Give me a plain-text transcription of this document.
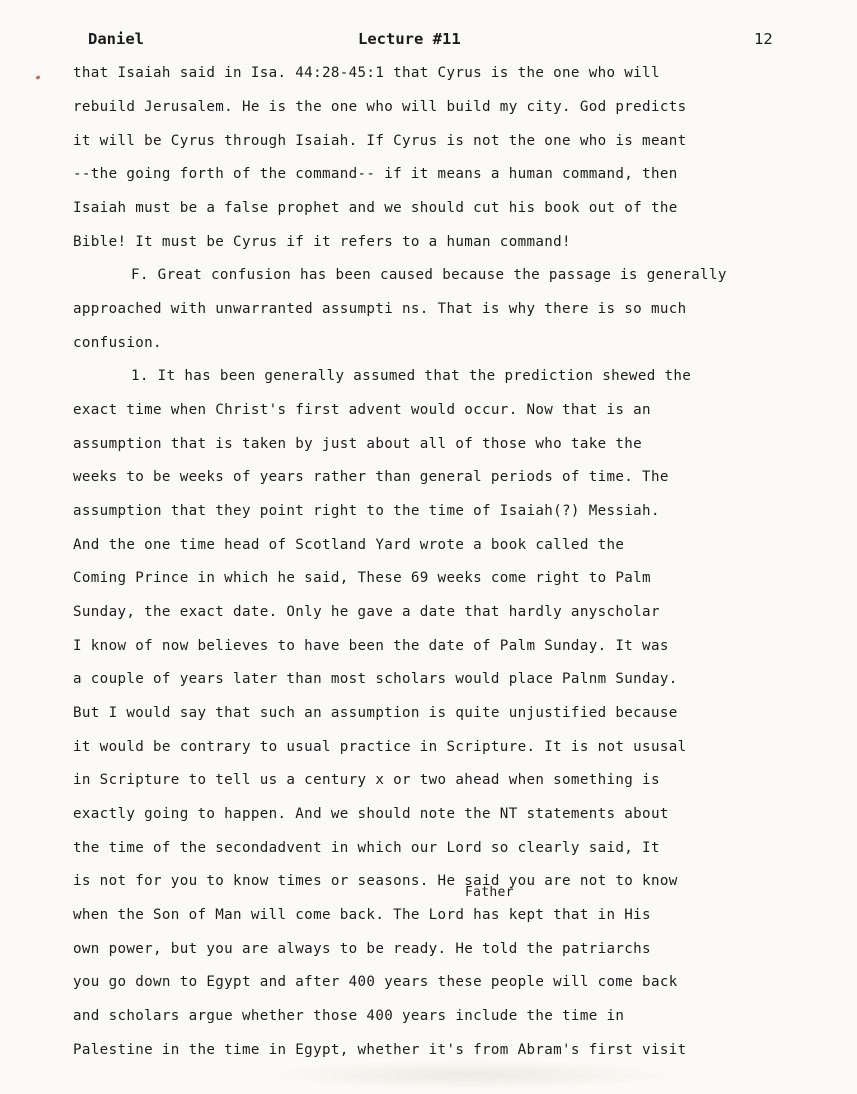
Daniel	Lecture #11	12
that Isaiah said in Isa. 44:28-45:1 that Cyrus is the one who will
rebuild Jerusalem. He is the one who will build my city. God predicts
it will be Cyrus through Isaiah. If Cyrus is not the one who is meant
--the going forth of the command-- if it means a human command, then
Isaiah must be a false prophet and we should cut his book out of the
Bible! It must be Cyrus if it refers to a human command!
F. Great confusion has been caused because the passage is generally
approached with unwarranted assumpti ns. That is why there is so much
confusion.
1. It has been generally assumed that the prediction shewed the
exact time when Christ's first advent would occur. Now that is an
assumption that is taken by just about all of those who take the
weeks to be weeks of years rather than general periods of time. The
assumption that they point right to the time of Isaiah(?) Messiah.
And the one time head of Scotland Yard wrote a book called the
Coming Prince in which he said, These 69 weeks come right to Palm
Sunday, the exact date. Only he gave a date that hardly anyscholar
I know of now believes to have been the date of Palm Sunday. It was
a couple of years later than most scholars would place Palnm Sunday.
But I would say that such an assumption is quite unjustified because
it would be contrary to usual practice in Scripture. It is not ususal
in Scripture to tell us a century x or two ahead when something is
exactly going to happen. And we should note the NT statements about
the time of the secondadvent in which our Lord so clearly said, It
is not for you to know times or seasons. He said you are not to know
when the Son of Man will come back. The Lord has kept that in His
own power, but you are always to be ready. He told the patriarchs
you go down to Egypt and after 400 years these people will come back
and scholars argue whether those 400 years include the time in
Palestine in the time in Egypt, whether it's from Abram's first visit
Father
